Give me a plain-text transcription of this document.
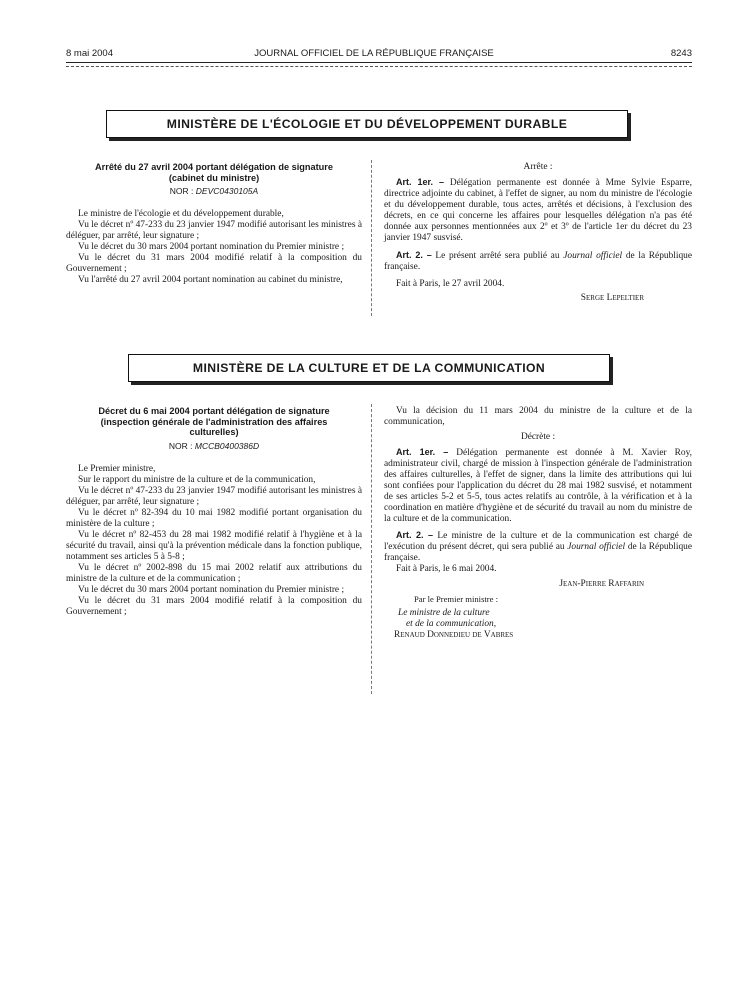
8 mai 2004	JOURNAL OFFICIEL DE LA RÉPUBLIQUE FRANÇAISE	8243
MINISTÈRE DE L'ÉCOLOGIE ET DU DÉVELOPPEMENT DURABLE
Arrêté du 27 avril 2004 portant délégation de signature
(cabinet du ministre)
NOR : DEVC0430105A

Le ministre de l'écologie et du développement durable,

Vu le décret nº 47-233 du 23 janvier 1947 modifié autorisant les ministres à déléguer, par arrêté, leur signature ;

Vu le décret du 30 mars 2004 portant nomination du Premier ministre ;

Vu le décret du 31 mars 2004 modifié relatif à la composition du Gouvernement ;

Vu l'arrêté du 27 avril 2004 portant nomination au cabinet du ministre,

Arrête :

Art. 1er. – Délégation permanente est donnée à Mme Sylvie Esparre, directrice adjointe du cabinet, à l'effet de signer, au nom du ministre de l'écologie et du développement durable, tous actes, arrêtés et décisions, à l'exclusion des décrets, en ce qui concerne les affaires pour lesquelles délégation n'a pas été donnée aux personnes mentionnées aux 2º et 3º de l'article 1er du décret du 23 janvier 1947 susvisé.

Art. 2. – Le présent arrêté sera publié au Journal officiel de la République française.

Fait à Paris, le 27 avril 2004.

Serge Lepeltier

MINISTÈRE DE LA CULTURE ET DE LA COMMUNICATION
Décret du 6 mai 2004 portant délégation de signature
(inspection générale de l'administration des affaires
culturelles)
NOR : MCCB0400386D

Le Premier ministre,

Sur le rapport du ministre de la culture et de la communication,

Vu le décret nº 47-233 du 23 janvier 1947 modifié autorisant les ministres à déléguer, par arrêté, leur signature ;

Vu le décret nº 82-394 du 10 mai 1982 modifié portant organisation du ministère de la culture ;

Vu le décret nº 82-453 du 28 mai 1982 modifié relatif à l'hygiène et à la sécurité du travail, ainsi qu'à la prévention médicale dans la fonction publique, notamment ses articles 5 à 5-8 ;

Vu le décret nº 2002-898 du 15 mai 2002 relatif aux attributions du ministre de la culture et de la communication ;

Vu le décret du 30 mars 2004 portant nomination du Premier ministre ;

Vu le décret du 31 mars 2004 modifié relatif à la composition du Gouvernement ;

Vu la décision du 11 mars 2004 du ministre de la culture et de la communication,

Décrète :

Art. 1er. – Délégation permanente est donnée à M. Xavier Roy, administrateur civil, chargé de mission à l'inspection générale de l'administration des affaires culturelles, à l'effet de signer, dans la limite des attributions qui lui sont confiées pour l'application du décret du 28 mai 1982 susvisé, et notamment de ses articles 5-2 et 5-5, tous actes relatifs au contrôle, à la vérification et à la coordination en matière d'hygiène et de sécurité du travail au nom du ministre de la culture et de la communication.

Art. 2. – Le ministre de la culture et de la communication est chargé de l'exécution du présent décret, qui sera publié au Journal officiel de la République française.

Fait à Paris, le 6 mai 2004.

Jean-Pierre Raffarin

Par le Premier ministre :

Le ministre de la culture

et de la communication,

Renaud Donnedieu de Vabres
